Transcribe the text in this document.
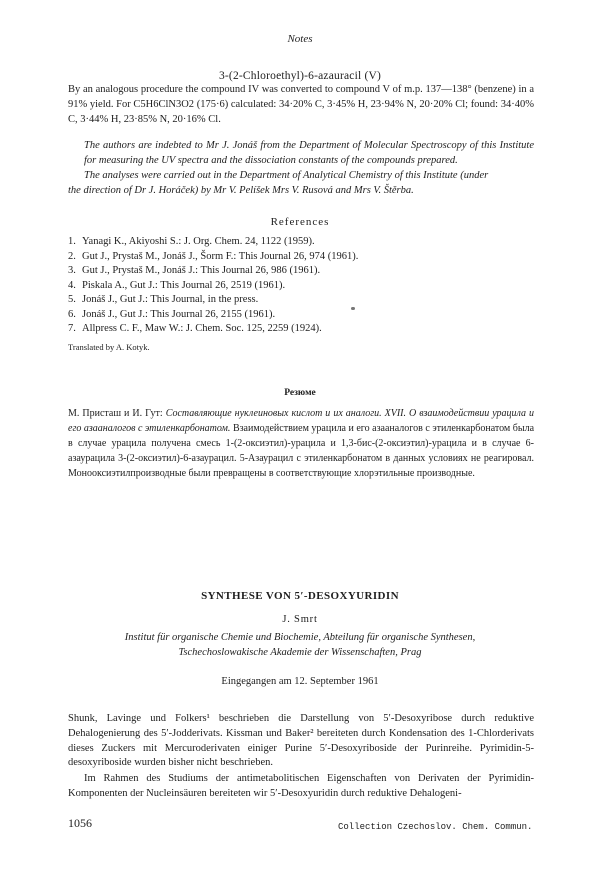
Notes

3-(2-Chloroethyl)-6-azauracil (V)

By an analogous procedure the compound IV was converted to compound V of m.p. 137—138° (benzene) in a 91% yield. For C5H6ClN3O2 (175·6) calculated: 34·20% C, 3·45% H, 23·94% N, 20·20% Cl; found: 34·40% C, 3·44% H, 23·85% N, 20·16% Cl.

The authors are indebted to Mr J. Jonáš from the Department of Molecular Spectroscopy of this Institute for measuring the UV spectra and the dissociation constants of the compounds prepared.

The analyses were carried out in the Department of Analytical Chemistry of this Institute (under

the direction of Dr J. Horáček) by Mr V. Pelíšek Mrs V. Rusová and Mrs V. Štěrba.

References

1. Yanagi K., Akiyoshi S.: J. Org. Chem. 24, 1122 (1959).
2. Gut J., Prystaš M., Jonáš J., Šorm F.: This Journal 26, 974 (1961).
3. Gut J., Prystaš M., Jonáš J.: This Journal 26, 986 (1961).
4. Piskala A., Gut J.: This Journal 26, 2519 (1961).
5. Jonáš J., Gut J.: This Journal, in the press.
6. Jonáš J., Gut J.: This Journal 26, 2155 (1961).
7. Allpress C. F., Maw W.: J. Chem. Soc. 125, 2259 (1924).

Translated by A. Kotyk.

Резюме

М. Присташ и И. Гут: Составляющие нуклеиновых кислот и их аналоги. XVII. О взаимодействии урацила и его азааналогов с этиленкарбонатом. Взаимодействием урацила и его азааналогов с этиленкарбонатом была в случае урацила получена смесь 1-(2-оксиэтил)-урацила и 1,3-бис-(2-оксиэтил)-урацила и в случае 6-азаурацила 3-(2-оксиэтил)-6-азаурацил. 5-Азаурацил с этиленкарбонатом в данных условиях не реагировал. Монооксиэтилпроизводные были превращены в соответствующие хлорэтильные производные.

SYNTHESE VON 5′-DESOXYURIDIN

J. Smrt

Institut für organische Chemie und Biochemie, Abteilung für organische Synthesen,
Tschechoslowakische Akademie der Wissenschaften, Prag

Eingegangen am 12. September 1961

Shunk, Lavinge und Folkers¹ beschrieben die Darstellung von 5′-Desoxyribose durch reduktive Dehalogenierung des 5′-Jodderivats. Kissman und Baker² bereiteten durch Kondensation des 1-Chlorderivats dieses Zuckers mit Mercuroderivaten einiger Purine 5′-Desoxyriboside der Purinreihe. Pyrimidin-5-desoxyriboside wurden bisher nicht beschrieben.

Im Rahmen des Studiums der antimetabolitischen Eigenschaften von Derivaten der Pyrimidin-Komponenten der Nucleinsäuren bereiteten wir 5′-Desoxyuridin durch reduktive Dehalogeni-

1056	Collection Czechoslov. Chem. Commun.
